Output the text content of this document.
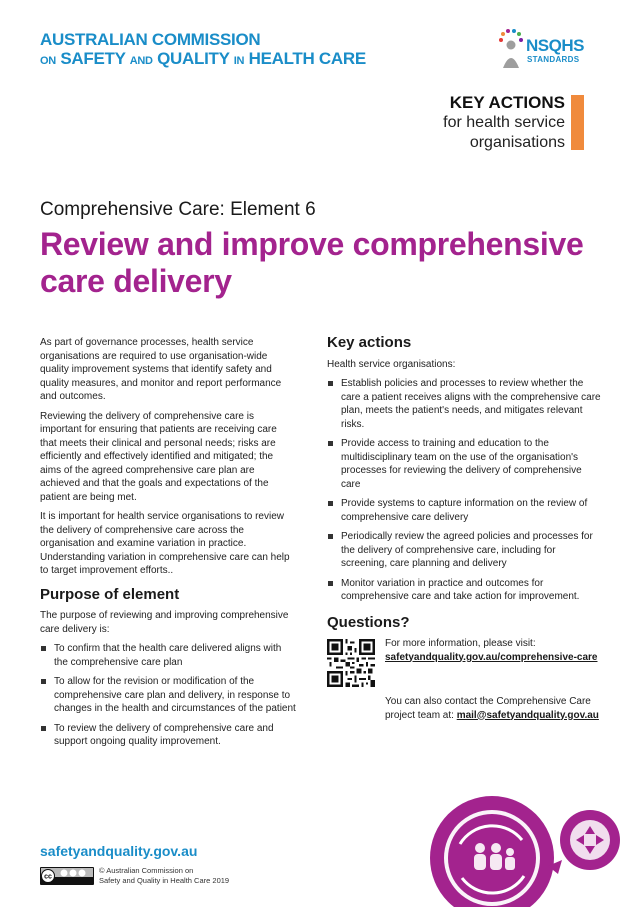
AUSTRALIAN COMMISSION
ON SAFETY AND QUALITY IN HEALTH CARE
NSQHS
STANDARDS
KEY ACTIONS
for health service
organisations
Comprehensive Care: Element 6
Review and improve comprehensive care delivery

As part of governance processes, health service organisations are required to use organisation-wide quality improvement systems that identify safety and quality measures, and monitor and report performance and outcomes.

Reviewing the delivery of comprehensive care is important for ensuring that patients are receiving care that meets their clinical and personal needs; risks are efficiently and effectively identified and mitigated; the aims of the agreed comprehensive care plan are achieved and that the goals and expectations of the patient are being met.

It is important for health service organisations to review the delivery of comprehensive care across the organisation and examine variation in practice. Understanding variation in comprehensive care can help to target improvement efforts..

Purpose of element

The purpose of reviewing and improving comprehensive care delivery is:

To confirm that the health care delivered aligns with the comprehensive care plan
To allow for the revision or modification of the comprehensive care plan and delivery, in response to changes in the health and circumstances of the patient
To review the delivery of comprehensive care and support ongoing quality improvement.
Key actions

Health service organisations:

Establish policies and processes to review whether the care a patient receives aligns with the comprehensive care plan, meets the patient's needs, and mitigates relevant risks.
Provide access to training and education to the multidisciplinary team on the use of the organisation's processes for reviewing the delivery of comprehensive care
Provide systems to capture information on the review of comprehensive care delivery
Periodically review the agreed policies and processes for the delivery of comprehensive care, including for screening, care planning and delivery
Monitor variation in practice and outcomes for comprehensive care and take action for improvement.
Questions?
For more information, please visit:
safetyandquality.gov.au/comprehensive-care
You can also contact the Comprehensive Care project team at: mail@safetyandquality.gov.au
safetyandquality.gov.au
cc
© Australian Commission on
Safety and Quality in Health Care 2019
